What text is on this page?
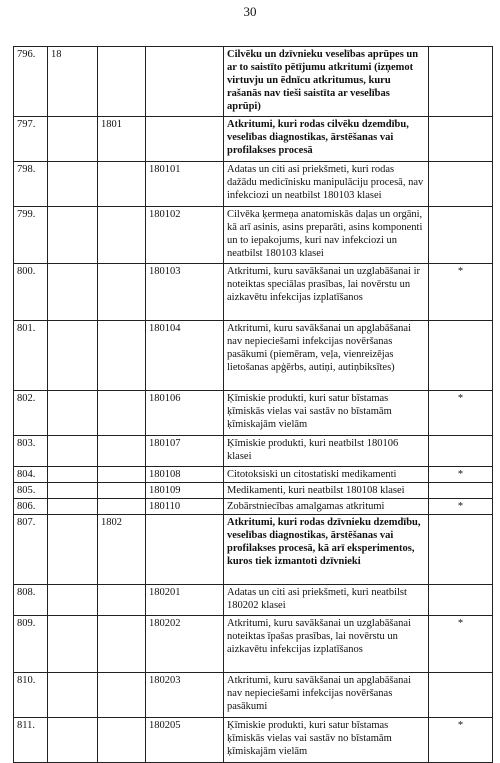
30
796.	18			Cilvēku un dzīvnieku veselības aprūpes un ar to saistīto pētījumu atkritumi (izņemot virtuvju un ēdnīcu atkritumus, kuru rašanās nav tieši saistīta ar veselības aprūpi)	
797.		1801		Atkritumi, kuri rodas cilvēku dzemdību, veselības diagnostikas, ārstēšanas vai profilakses procesā	
798.			180101	Adatas un citi asi priekšmeti, kuri rodas dažādu medicīnisku manipulāciju procesā, nav infekciozi un neatbilst 180103 klasei	
799.			180102	Cilvēka ķermeņa anatomiskās daļas un orgāni, kā arī asinis, asins preparāti, asins komponenti un to iepakojums, kuri nav infekciozi un neatbilst 180103 klasei	
800.			180103	Atkritumi, kuru savākšanai un uzglabāšanai ir noteiktas speciālas prasības, lai novērstu un aizkavētu infekcijas izplatīšanos	*
801.			180104	Atkritumi, kuru savākšanai un apglabāšanai nav nepieciešami infekcijas novēršanas pasākumi (piemēram, veļa, vienreizējas lietošanas apģērbs, autiņi, autiņbiksītes)	
802.			180106	Ķīmiskie produkti, kuri satur bīstamas ķīmiskās vielas vai sastāv no bīstamām ķīmiskajām vielām	*
803.			180107	Ķīmiskie produkti, kuri neatbilst 180106 klasei	
804.			180108	Citotoksiski un citostatiski medikamenti	*
805.			180109	Medikamenti, kuri neatbilst 180108 klasei	
806.			180110	Zobārstniecības amalgamas atkritumi	*
807.		1802		Atkritumi, kuri rodas dzīvnieku dzemdību, veselības diagnostikas, ārstēšanas vai profilakses procesā, kā arī eksperimentos, kuros tiek izmantoti dzīvnieki	
808.			180201	Adatas un citi asi priekšmeti, kuri neatbilst 180202 klasei	
809.			180202	Atkritumi, kuru savākšanai un uzglabāšanai noteiktas īpašas prasības, lai novērstu un aizkavētu infekcijas izplatīšanos	*
810.			180203	Atkritumi, kuru savākšanai un apglabāšanai nav nepieciešami infekcijas novēršanas pasākumi	
811.			180205	Ķīmiskie produkti, kuri satur bīstamas ķīmiskās vielas vai sastāv no bīstamām ķīmiskajām vielām	*
